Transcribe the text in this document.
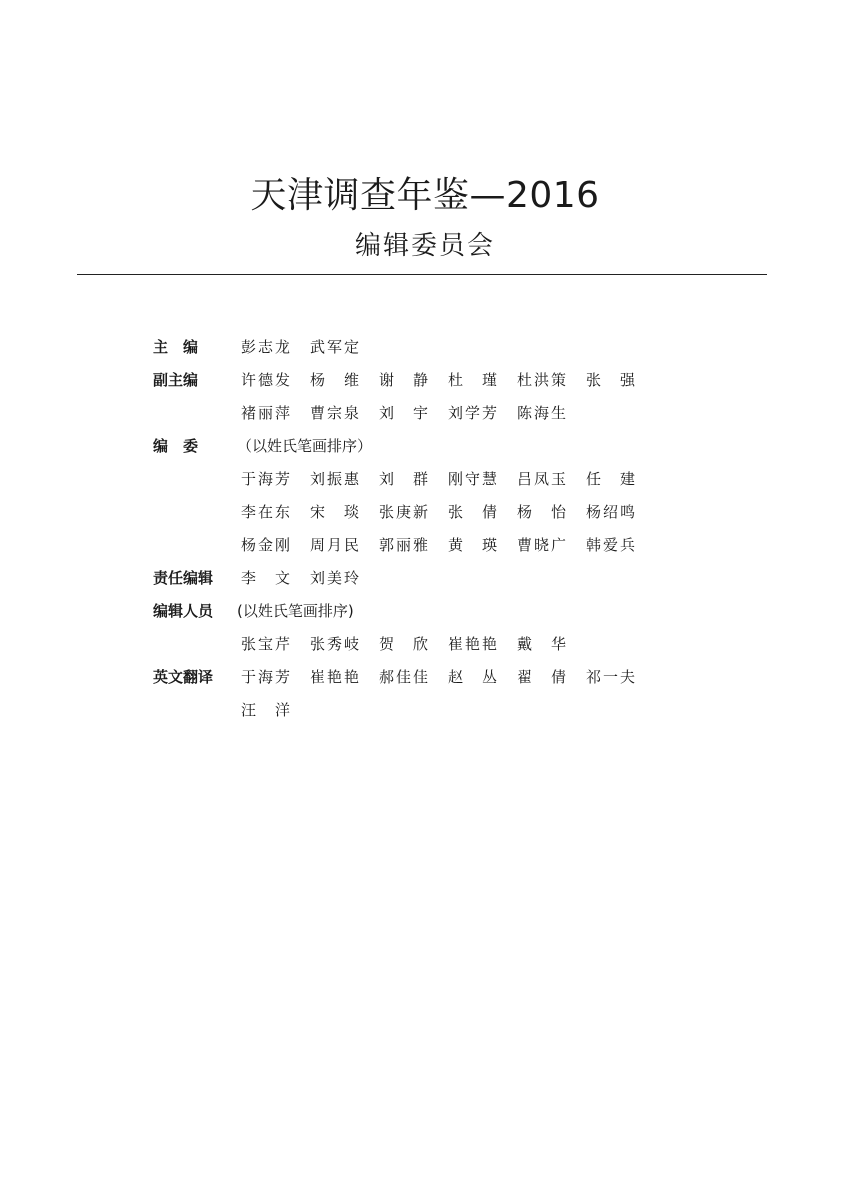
天津调查年鉴—2016
编辑委员会
主　编	彭志龙 武军定
副主编	许德发 杨　维 谢　静 杜　瑾 杜洪策 张　强
褚丽萍 曹宗泉 刘　宇 刘学芳 陈海生
编　委	（以姓氏笔画排序）
于海芳 刘振惠 刘　群 刚守慧 吕凤玉 任　建
李在东 宋　琰 张庚新 张　倩 杨　怡 杨绍鸣
杨金刚 周月民 郭丽雅 黄　瑛 曹晓广 韩爱兵
责任编辑	李　文 刘美玲
编辑人员	(以姓氏笔画排序)
张宝芹 张秀岐 贺　欣 崔艳艳 戴　华
英文翻译	于海芳 崔艳艳 郝佳佳 赵　丛 翟　倩 祁一夫
汪　洋
